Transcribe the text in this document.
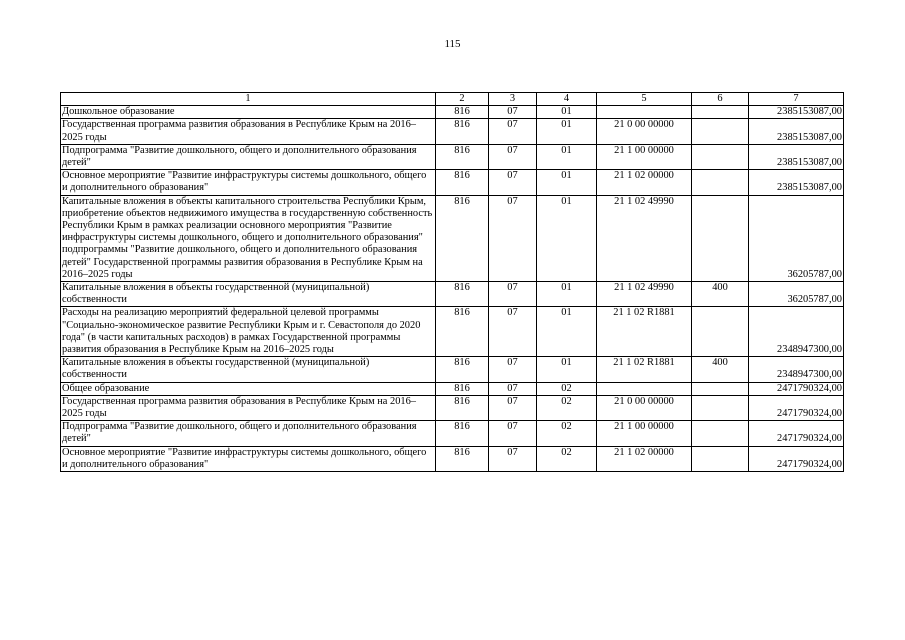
115
1	2	3	4	5	6	7
Дошкольное образование	816	07	01			2385153087,00
Государственная программа развития образования в Республике Крым на 2016–2025 годы	816	07	01	21 0 00 00000		2385153087,00
Подпрограмма "Развитие дошкольного, общего и дополнительного образования детей"	816	07	01	21 1 00 00000		2385153087,00
Основное мероприятие "Развитие инфраструктуры системы дошкольного, общего и дополнительного образования"	816	07	01	21 1 02 00000		2385153087,00
Капитальные вложения в объекты капитального строительства Республики Крым, приобретение объектов недвижимого имущества в государственную собственность Республики Крым в рамках реализации основного мероприятия "Развитие инфраструктуры системы дошкольного, общего и дополнительного образования" подпрограммы "Развитие дошкольного, общего и дополнительного образования детей" Государственной программы развития образования в Республике Крым на 2016–2025 годы	816	07	01	21 1 02 49990		36205787,00
Капитальные вложения в объекты государственной (муниципальной) собственности	816	07	01	21 1 02 49990	400	36205787,00
Расходы на реализацию мероприятий федеральной целевой программы "Социально-экономическое развитие Республики Крым и г. Севастополя до 2020 года" (в части капитальных расходов) в рамках Государственной программы развития образования в Республике Крым на 2016–2025 годы	816	07	01	21 1 02 R1881		2348947300,00
Капитальные вложения в объекты государственной (муниципальной) собственности	816	07	01	21 1 02 R1881	400	2348947300,00
Общее образование	816	07	02			2471790324,00
Государственная программа развития образования в Республике Крым на 2016–2025 годы	816	07	02	21 0 00 00000		2471790324,00
Подпрограмма "Развитие дошкольного, общего и дополнительного образования детей"	816	07	02	21 1 00 00000		2471790324,00
Основное мероприятие "Развитие инфраструктуры системы дошкольного, общего и дополнительного образования"	816	07	02	21 1 02 00000		2471790324,00
